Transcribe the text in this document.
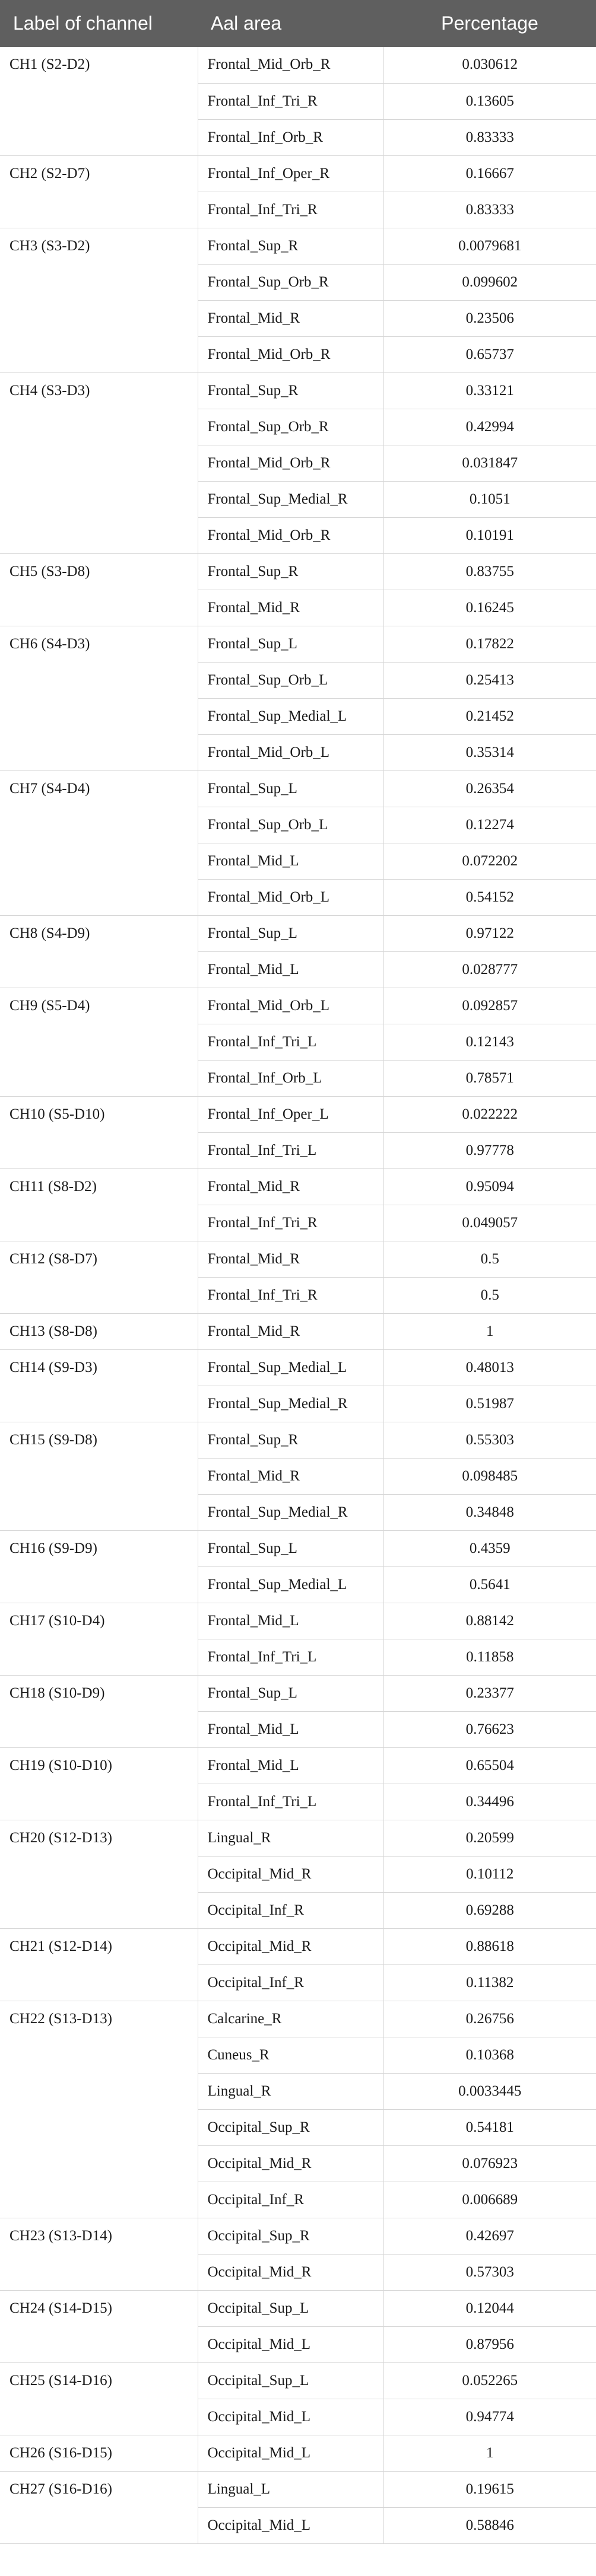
Label of channel	Aal area	Percentage
CH1 (S2-D2)	Frontal_Mid_Orb_R	0.030612
	Frontal_Inf_Tri_R	0.13605
	Frontal_Inf_Orb_R	0.83333
CH2 (S2-D7)	Frontal_Inf_Oper_R	0.16667
	Frontal_Inf_Tri_R	0.83333
CH3 (S3-D2)	Frontal_Sup_R	0.0079681
	Frontal_Sup_Orb_R	0.099602
	Frontal_Mid_R	0.23506
	Frontal_Mid_Orb_R	0.65737
CH4 (S3-D3)	Frontal_Sup_R	0.33121
	Frontal_Sup_Orb_R	0.42994
	Frontal_Mid_Orb_R	0.031847
	Frontal_Sup_Medial_R	0.1051
	Frontal_Mid_Orb_R	0.10191
CH5 (S3-D8)	Frontal_Sup_R	0.83755
	Frontal_Mid_R	0.16245
CH6 (S4-D3)	Frontal_Sup_L	0.17822
	Frontal_Sup_Orb_L	0.25413
	Frontal_Sup_Medial_L	0.21452
	Frontal_Mid_Orb_L	0.35314
CH7 (S4-D4)	Frontal_Sup_L	0.26354
	Frontal_Sup_Orb_L	0.12274
	Frontal_Mid_L	0.072202
	Frontal_Mid_Orb_L	0.54152
CH8 (S4-D9)	Frontal_Sup_L	0.97122
	Frontal_Mid_L	0.028777
CH9 (S5-D4)	Frontal_Mid_Orb_L	0.092857
	Frontal_Inf_Tri_L	0.12143
	Frontal_Inf_Orb_L	0.78571
CH10 (S5-D10)	Frontal_Inf_Oper_L	0.022222
	Frontal_Inf_Tri_L	0.97778
CH11 (S8-D2)	Frontal_Mid_R	0.95094
	Frontal_Inf_Tri_R	0.049057
CH12 (S8-D7)	Frontal_Mid_R	0.5
	Frontal_Inf_Tri_R	0.5
CH13 (S8-D8)	Frontal_Mid_R	1
CH14 (S9-D3)	Frontal_Sup_Medial_L	0.48013
	Frontal_Sup_Medial_R	0.51987
CH15 (S9-D8)	Frontal_Sup_R	0.55303
	Frontal_Mid_R	0.098485
	Frontal_Sup_Medial_R	0.34848
CH16 (S9-D9)	Frontal_Sup_L	0.4359
	Frontal_Sup_Medial_L	0.5641
CH17 (S10-D4)	Frontal_Mid_L	0.88142
	Frontal_Inf_Tri_L	0.11858
CH18 (S10-D9)	Frontal_Sup_L	0.23377
	Frontal_Mid_L	0.76623
CH19 (S10-D10)	Frontal_Mid_L	0.65504
	Frontal_Inf_Tri_L	0.34496
CH20 (S12-D13)	Lingual_R	0.20599
	Occipital_Mid_R	0.10112
	Occipital_Inf_R	0.69288
CH21 (S12-D14)	Occipital_Mid_R	0.88618
	Occipital_Inf_R	0.11382
CH22 (S13-D13)	Calcarine_R	0.26756
	Cuneus_R	0.10368
	Lingual_R	0.0033445
	Occipital_Sup_R	0.54181
	Occipital_Mid_R	0.076923
	Occipital_Inf_R	0.006689
CH23 (S13-D14)	Occipital_Sup_R	0.42697
	Occipital_Mid_R	0.57303
CH24 (S14-D15)	Occipital_Sup_L	0.12044
	Occipital_Mid_L	0.87956
CH25 (S14-D16)	Occipital_Sup_L	0.052265
	Occipital_Mid_L	0.94774
CH26 (S16-D15)	Occipital_Mid_L	1
CH27 (S16-D16)	Lingual_L	0.19615
	Occipital_Mid_L	0.58846
